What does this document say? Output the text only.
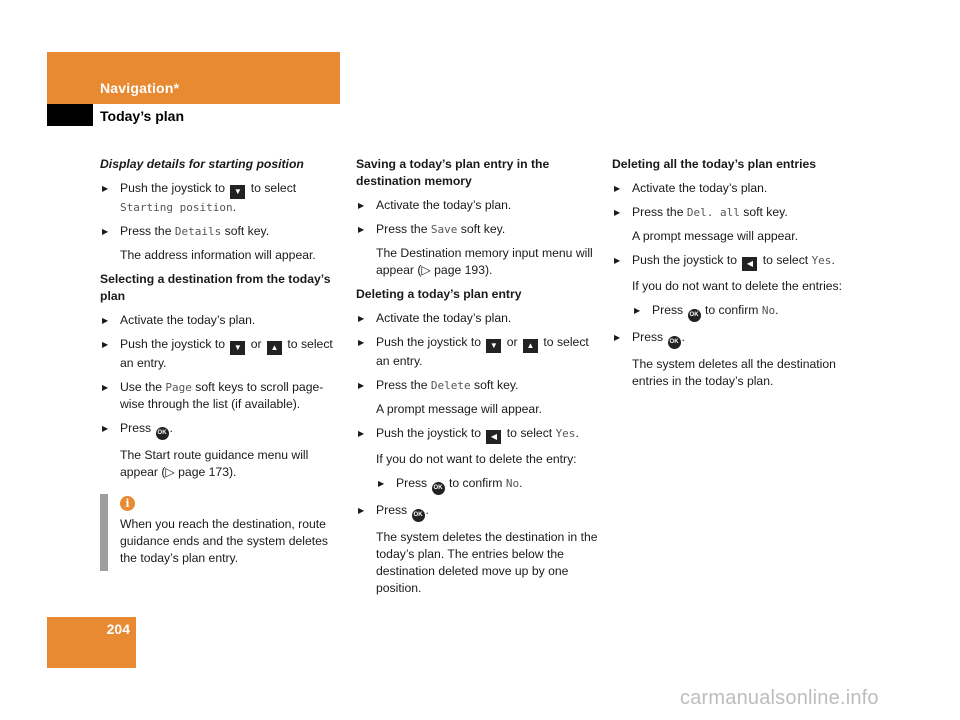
Navigation*
Today’s plan
Display details for starting position
▶ Push the joystick to ▼ to select
Starting position.
▶ Press the Details soft key.
The address information will appear.
Selecting a destination from the today’s plan
▶ Activate the today’s plan.
▶ Push the joystick to ▼ or ▲ to select an entry.
▶ Use the Page soft keys to scroll page-wise through the list (if available).
▶ Press OK .
The Start route guidance menu will appear (▷ page 173).
i
When you reach the destination, route guidance ends and the system deletes the today’s plan entry.
Saving a today’s plan entry in the destination memory
▶ Activate the today’s plan.
▶ Press the Save soft key.
The Destination memory input menu will appear (▷ page 193).
Deleting a today’s plan entry
▶ Activate the today’s plan.
▶ Push the joystick to ▼ or ▲ to select an entry.
▶ Press the Delete soft key.
A prompt message will appear.
▶ Push the joystick to ◀ to select Yes.
If you do not want to delete the entry:
▶ Press OK to confirm No.
▶ Press OK .
The system deletes the destination in the today’s plan. The entries below the destination deleted move up by one position.
Deleting all the today’s plan entries
▶ Activate the today’s plan.
▶ Press the Del. all soft key.
A prompt message will appear.
▶ Push the joystick to ◀ to select Yes.
If you do not want to delete the entries:
▶ Press OK to confirm No.
▶ Press OK .
The system deletes all the destination entries in the today’s plan.
204
carmanualsonline.info
